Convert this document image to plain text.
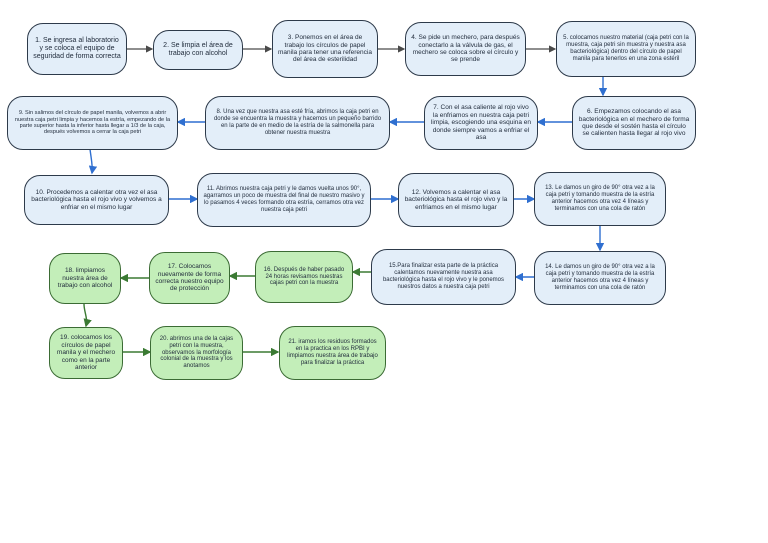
1. Se ingresa al laboratorio y se coloca el equipo de seguridad de forma correcta
2. Se limpia el área de trabajo con alcohol
3. Ponemos en el área de trabajo los círculos de papel manila para tener una referencia del área de esterilidad
4. Se pide un mechero, para después conectarlo a la válvula de gas, el mechero se coloca sobre el círculo y se prende
5. colocamos nuestro material (caja petri con la muestra, caja petri sin muestra y nuestra asa bacteriológica) dentro del círculo de papel manila para tenerlos en una zona estéril
6. Empezamos colocando el asa bacteriológica en el mechero de forma que desde el sostén hasta el círculo se calienten hasta llegar al rojo vivo
7. Con el asa caliente al rojo vivo la enfriamos en nuestra caja petri limpia, escogiendo una esquina en donde siempre vamos a enfriar el asa
8. Una vez que nuestra asa esté fría, abrimos la caja petri en donde se encuentra la muestra y hacemos un pequeño barrido en la parte de en medio de la estría de la salmonella para obtener nuestra muestra
9. Sin salirnos del círculo de papel manila, volvemos a abrir nuestra caja petri limpia y hacemos la estría, empezando de la parte superior hasta la inferior hasta llegar a 1/3 de la caja, después volvemos a cerrar la caja petri
10. Procedemos a calentar otra vez el asa bacteriológica hasta el rojo vivo y volvemos a enfriar en el mismo lugar
11. Abrimos nuestra caja petri y le damos vuelta unos 90°, agarramos un poco de muestra del final de nuestro masivo y lo pasamos 4 veces formando otra estría, cerramos otra vez nuestra caja petri
12. Volvemos a calentar el asa bacteriológica hasta el rojo vivo y la enfriamos en el mismo lugar
13. Le damos un giro de 90° otra vez a la caja petri y tomando muestra de la estría anterior hacemos otra vez 4 líneas y terminamos con una cola de ratón
14. Le damos un giro de 90° otra vez a la caja petri y tomando muestra de la estría anterior hacemos otra vez 4 líneas y terminamos con una cola de ratón
15.Para finalizar esta parte de la práctica calentamos nuevamente nuestra asa bacteriológica hasta el rojo vivo y le ponemos nuestros datos a nuestra caja petri
16. Después de haber pasado 24 horas revisamos nuestras cajas petri con la muestra
17. Colocamos nuevamente de forma correcta nuestro equipo de protección
18. limpiamos nuestra área de trabajo con alcohol
19. colocamos los círculos de papel manila y el mechero como en la parte anterior
20. abrimos una de la cajas petri con la muestra, observamos la morfología colonial de la muestra y los anotamos
21. iramos los residuos formados en la practica en los RPBI y limpiamos nuestra área de trabajo para finalizar la práctica
